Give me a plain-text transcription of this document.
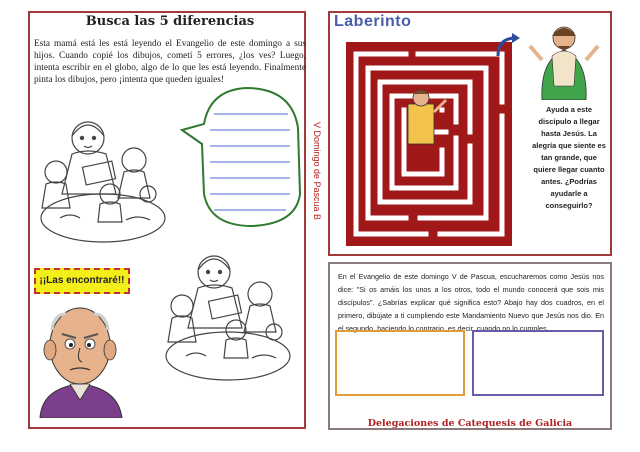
Busca las 5 diferencias
Esta mamá está les está leyendo el Evangelio de este domingo a sus hijos. Cuando copié los dibujos, cometí 5 errores, ¿los ves? Luego, intenta escribir en el globo, algo de lo que les está leyendo. Finalmente pinta los dibujos, pero ¡intenta que queden iguales!
¡¡Las encontraré!!
V Domingo de Pascua B
Laberinto
Ayuda a este discípulo a llegar hasta Jesús. La alegría que siente es tan grande, que quiere llegar cuanto antes. ¿Podrías ayudarle a conseguirlo?
En el Evangelio de este domingo V de Pascua, escucharemos como Jesús nos dice: "Si os amáis los unos a los otros, todo el mundo conocerá que sois mis discípulos". ¿Sabrías explicar qué significa esto? Abajo hay dos cuadros, en el primero, dibújate a ti cumpliendo este Mandamiento Nuevo que Jesús nos dio. En el segundo, haciendo lo contrario, es decir, cuando no lo cumples.
Delegaciones de Catequesis de Galicia
